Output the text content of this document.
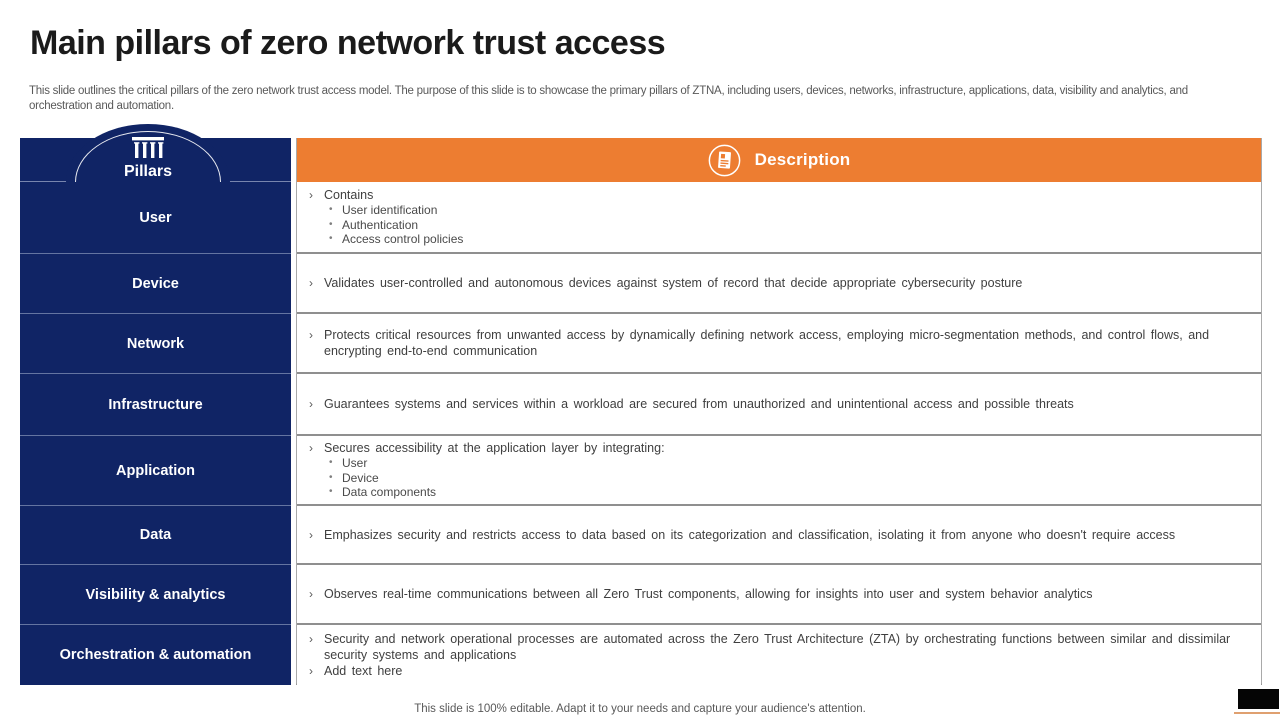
Main pillars of zero network trust access

This slide outlines the critical pillars of the zero network trust access model. The purpose of this slide is to showcase the primary pillars of ZTNA, including users, devices, networks, infrastructure, applications, data, visibility and analytics, and orchestration and automation.

Pillars
User
Device
Network
Infrastructure
Application
Data
Visibility & analytics
Orchestration & automation
Description
› Contains
• User identification
• Authentication
• Access control policies
› Validates user-controlled and autonomous devices against system of record that decide appropriate cybersecurity posture
› Protects critical resources from unwanted access by dynamically defining network access, employing micro-segmentation methods, and control flows, and encrypting end-to-end communication
› Guarantees systems and services within a workload are secured from unauthorized and unintentional access and possible threats
› Secures accessibility at the application layer by integrating:
• User
• Device
• Data components
› Emphasizes security and restricts access to data based on its categorization and classification, isolating it from anyone who doesn't require access
› Observes real-time communications between all Zero Trust components, allowing for insights into user and system behavior analytics
› Security and network operational processes are automated across the Zero Trust Architecture (ZTA) by orchestrating functions between similar and dissimilar security systems and applications
› Add text here

This slide is 100% editable. Adapt it to your needs and capture your audience's attention.
